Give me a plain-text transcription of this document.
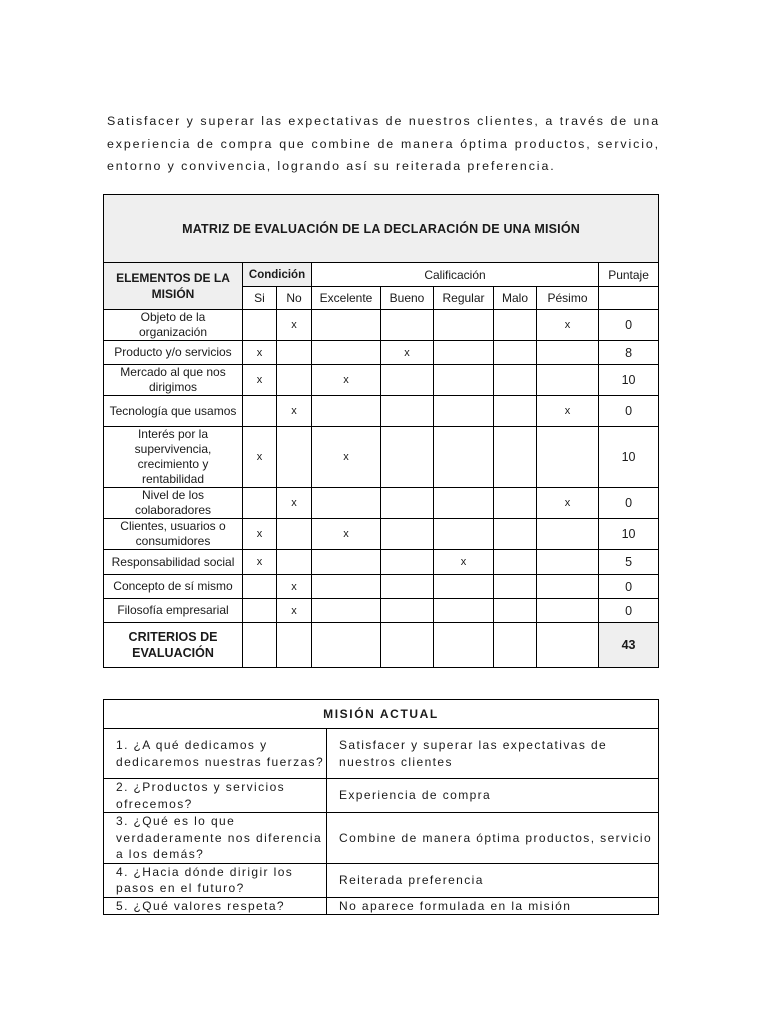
Satisfacer y superar las expectativas de nuestros clientes, a través de una experiencia de compra que combine de manera óptima productos, servicio, entorno y convivencia, logrando así su reiterada preferencia.

MATRIZ DE EVALUACIÓN DE LA DECLARACIÓN DE UNA MISIÓN								
ELEMENTOS DE LA MISIÓN	Condición		Calificación					Puntaje
	Si	No	Excelente	Bueno	Regular	Malo	Pésimo	
Objeto de la organización		x					x	0
Producto y/o servicios	x			x				8
Mercado al que nos dirigimos	x		x					10
Tecnología que usamos		x					x	0
Interés por la supervivencia, crecimiento y rentabilidad	x		x					10
Nivel de los colaboradores		x					x	0
Clientes, usuarios o consumidores	x		x					10
Responsabilidad social	x				x			5
Concepto de sí mismo		x						0
Filosofía empresarial		x						0
CRITERIOS DE EVALUACIÓN								43
MISIÓN ACTUAL	
1. ¿A qué dedicamos y dedicaremos nuestras fuerzas?	Satisfacer y superar las expectativas de nuestros clientes
2. ¿Productos y servicios ofrecemos?	Experiencia de compra
3. ¿Qué es lo que verdaderamente nos diferencia a los demás?	Combine de manera óptima productos, servicio
4. ¿Hacia dónde dirigir los pasos en el futuro?	Reiterada preferencia
5. ¿Qué valores respeta?	No aparece formulada en la misión
